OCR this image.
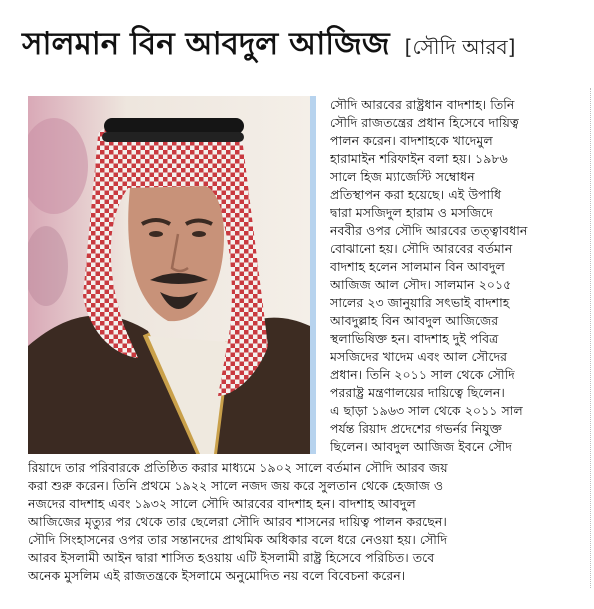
সালমান বিন আবদুল আজিজ [সৌদি আরব]
সৌদি আরবের রাষ্ট্রধান বাদশাহ। তিনি
সৌদি রাজতন্ত্রের প্রধান হিসেবে দায়িত্ব
পালন করেন। বাদশাহকে খাদেমুল
হারামাইন শরিফাইন বলা হয়। ১৯৮৬
সালে হিজ ম্যাজেস্টি সম্বোধন
প্রতিস্থাপন করা হয়েছে। এই উপাধি
দ্বারা মসজিদুল হারাম ও মসজিদে
নববীর ওপর সৌদি আরবের তত্ত্বাবধান
বোঝানো হয়। সৌদি আরবের বর্তমান
বাদশাহ হলেন সালমান বিন আবদুল
আজিজ আল সৌদ। সালমান ২০১৫
সালের ২৩ জানুয়ারি সৎভাই বাদশাহ
আবদুল্লাহ বিন আবদুল আজিজের
স্থলাভিষিক্ত হন। বাদশাহ দুই পবিত্র
মসজিদের খাদেম এবং আল সৌদের
প্রধান। তিনি ২০১১ সাল থেকে সৌদি
পররাষ্ট্র মন্ত্রণালয়ের দায়িত্বে ছিলেন।
এ ছাড়া ১৯৬৩ সাল থেকে ২০১১ সাল
পর্যন্ত রিয়াদ প্রদেশের গভর্নর নিযুক্ত
ছিলেন। আবদুল আজিজ ইবনে সৌদ
রিয়াদে তার পরিবারকে প্রতিষ্ঠিত করার মাধ্যমে ১৯০২ সালে বর্তমান সৌদি আরব জয়
করা শুরু করেন। তিনি প্রথমে ১৯২২ সালে নজদ জয় করে সুলতান থেকে হেজাজ ও
নজদের বাদশাহ এবং ১৯৩২ সালে সৌদি আরবের বাদশাহ হন। বাদশাহ আবদুল
আজিজের মৃত্যুর পর থেকে তার ছেলেরা সৌদি আরব শাসনের দায়িত্ব পালন করছেন।
সৌদি সিংহাসনের ওপর তার সন্তানদের প্রাথমিক অধিকার বলে ধরে নেওয়া হয়। সৌদি
আরব ইসলামী আইন দ্বারা শাসিত হওয়ায় এটি ইসলামী রাষ্ট্র হিসেবে পরিচিত। তবে
অনেক মুসলিম এই রাজতন্ত্রকে ইসলামে অনুমোদিত নয় বলে বিবেচনা করেন।
